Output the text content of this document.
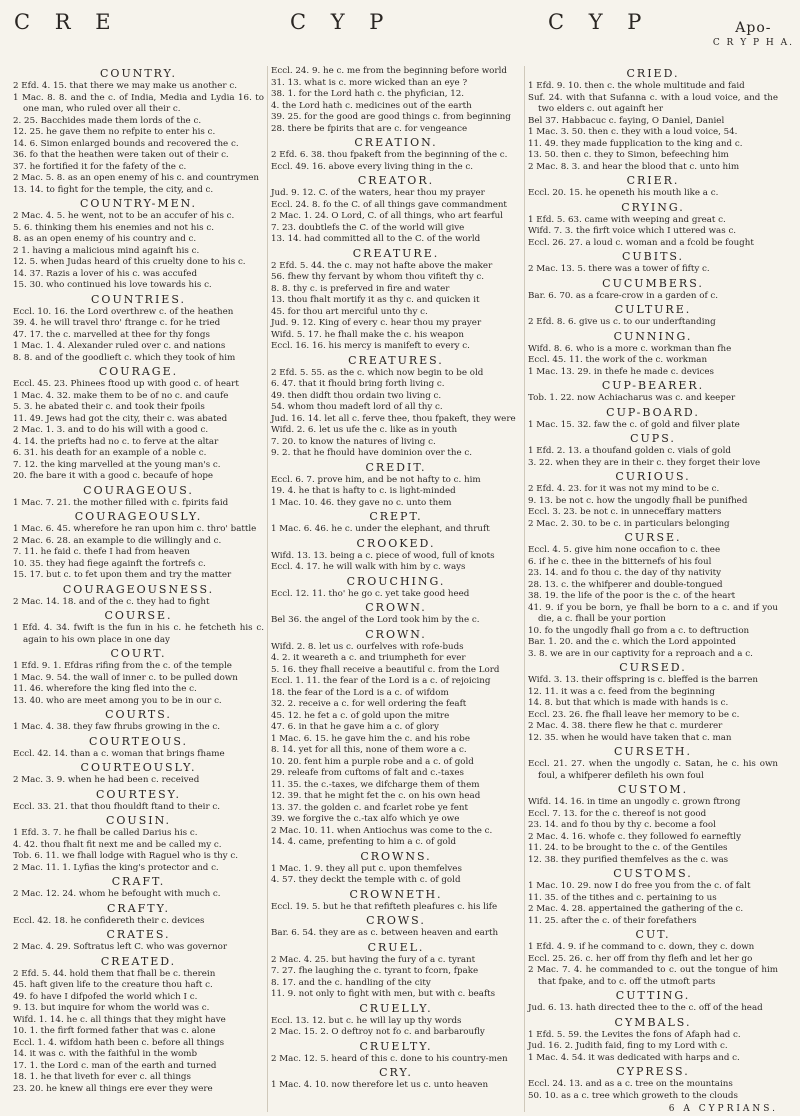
C R E	C Y P	C Y P	Apo-
C R Y P H A.
COUNTRY.
2 Efd. 4. 15. that there we may make us another c.
1 Mac. 8. 8. and the c. of India, Media and Lydia 16. to one man, who ruled over all their c.
2. 25. Bacchides made them lords of the c.
12. 25. he gave them no refpite to enter his c.
14. 6. Simon enlarged bounds and recovered the c.
36. fo that the heathen were taken out of their c.
37. he fortified it for the fafety of the c.
2 Mac. 5. 8. as an open enemy of his c. and countrymen
13. 14. to fight for the temple, the city, and c.
COUNTRY-MEN.
2 Mac. 4. 5. he went, not to be an accufer of his c.
5. 6. thinking them his enemies and not his c.
8. as an open enemy of his country and c.
2 1. having a malicious mind againft his c.
12. 5. when Judas heard of this cruelty done to his c.
14. 37. Razis a lover of his c. was accufed
15. 30. who continued his love towards his c.
COUNTRIES.
Eccl. 10. 16. the Lord overthrew c. of the heathen
39. 4. he will travel thro' ftrange c. for he tried
47. 17. the c. marvelled at thee for thy fongs
1 Mac. 1. 4. Alexander ruled over c. and nations
8. 8. and of the goodlieft c. which they took of him
COURAGE.
Eccl. 45. 23. Phinees ftood up with good c. of heart
1 Mac. 4. 32. make them to be of no c. and caufe
5. 3. he abated their c. and took their fpoils
11. 49. Jews had got the city, their c. was abated
2 Mac. 1. 3. and to do his will with a good c.
4. 14. the priefts had no c. to ferve at the altar
6. 31. his death for an example of a noble c.
7. 12. the king marvelled at the young man's c.
20. fhe bare it with a good c. becaufe of hope
COURAGEOUS.
1 Mac. 7. 21. the mother filled with c. fpirits faid
COURAGEOUSLY.
1 Mac. 6. 45. wherefore he ran upon him c. thro' battle
2 Mac. 6. 28. an example to die willingly and c.
7. 11. he faid c. thefe I had from heaven
10. 35. they had fiege againft the fortrefs c.
15. 17. but c. to fet upon them and try the matter
COURAGEOUSNESS.
2 Mac. 14. 18. and of the c. they had to fight
COURSE.
1 Efd. 4. 34. fwift is the fun in his c. he fetcheth his c. again to his own place in one day
COURT.
1 Efd. 9. 1. Efdras rifing from the c. of the temple
1 Mac. 9. 54. the wall of inner c. to be pulled down
11. 46. wherefore the king fled into the c.
13. 40. who are meet among you to be in our c.
COURTS.
1 Mac. 4. 38. they faw fhrubs growing in the c.
COURTEOUS.
Eccl. 42. 14. than a c. woman that brings fhame
COURTEOUSLY.
2 Mac. 3. 9. when he had been c. received
COURTESY.
Eccl. 33. 21. that thou fhouldft ftand to their c.
COUSIN.
1 Efd. 3. 7. he fhall be called Darius his c.
4. 42. thou fhalt fit next me and be called my c.
Tob. 6. 11. we fhall lodge with Raguel who is thy c.
2 Mac. 11. 1. Lyfias the king's protector and c.
CRAFT.
2 Mac. 12. 24. whom he befought with much c.
CRAFTY.
Eccl. 42. 18. he confidereth their c. devices
CRATES.
2 Mac. 4. 29. Softratus left C. who was governor
CREATED.
2 Efd. 5. 44. hold them that fhall be c. therein
45. haft given life to the creature thou haft c.
49. fo have I difpofed the world which I c.
9. 13. but inquire for whom the world was c.
Wifd. 1. 14. he c. all things that they might have
10. 1. the firft formed father that was c. alone
Eccl. 1. 4. wifdom hath been c. before all things
14. it was c. with the faithful in the womb
17. 1. the Lord c. man of the earth and turned
18. 1. he that liveth for ever c. all things
23. 20. he knew all things ere ever they were
Eccl. 24. 9. he c. me from the beginning before world
31. 13. what is c. more wicked than an eye ?
38. 1. for the Lord hath c. the phyfician, 12.
4. the Lord hath c. medicines out of the earth
39. 25. for the good are good things c. from beginning
28. there be fpirits that are c. for vengeance
CREATION.
2 Efd. 6. 38. thou fpakeft from the beginning of the c.
Eccl. 49. 16. above every living thing in the c.
CREATOR.
Jud. 9. 12. C. of the waters, hear thou my prayer
Eccl. 24. 8. fo the C. of all things gave commandment
2 Mac. 1. 24. O Lord, C. of all things, who art fearful
7. 23. doubtlefs the C. of the world will give
13. 14. had committed all to the C. of the world
CREATURE.
2 Efd. 5. 44. the c. may not hafte above the maker
56. fhew thy fervant by whom thou vifiteft thy c.
8. 8. thy c. is preferved in fire and water
13. thou fhalt mortify it as thy c. and quicken it
45. for thou art merciful unto thy c.
Jud. 9. 12. King of every c. hear thou my prayer
Wifd. 5. 17. he fhall make the c. his weapon
Eccl. 16. 16. his mercy is manifeft to every c.
CREATURES.
2 Efd. 5. 55. as the c. which now begin to be old
6. 47. that it fhould bring forth living c.
49. then didft thou ordain two living c.
54. whom thou madeft lord of all thy c.
Jud. 16. 14. let all c. ferve thee, thou fpakeft, they were
Wifd. 2. 6. let us ufe the c. like as in youth
7. 20. to know the natures of living c.
9. 2. that he fhould have dominion over the c.
CREDIT.
Eccl. 6. 7. prove him, and be not hafty to c. him
19. 4. he that is hafty to c. is light-minded
1 Mac. 10. 46. they gave no c. unto them
CREPT.
1 Mac. 6. 46. he c. under the elephant, and thruft
CROOKED.
Wifd. 13. 13. being a c. piece of wood, full of knots
Eccl. 4. 17. he will walk with him by c. ways
CROUCHING.
Eccl. 12. 11. tho' he go c. yet take good heed
CROWN.
Bel 36. the angel of the Lord took him by the c.
CROWN.
Wifd. 2. 8. let us c. ourfelves with rofe-buds
4. 2. it weareth a c. and triumpheth for ever
5. 16. they fhall receive a beautiful c. from the Lord
Eccl. 1. 11. the fear of the Lord is a c. of rejoicing
18. the fear of the Lord is a c. of wifdom
32. 2. receive a c. for well ordering the feaft
45. 12. he fet a c. of gold upon the mitre
47. 6. in that he gave him a c. of glory
1 Mac. 6. 15. he gave him the c. and his robe
8. 14. yet for all this, none of them wore a c.
10. 20. fent him a purple robe and a c. of gold
29. releafe from cuftoms of falt and c.-taxes
11. 35. the c.-taxes, we difcharge them of them
12. 39. that he might fet the c. on his own head
13. 37. the golden c. and fcarlet robe ye fent
39. we forgive the c.-tax alfo which ye owe
2 Mac. 10. 11. when Antiochus was come to the c.
14. 4. came, prefenting to him a c. of gold
CROWNS.
1 Mac. 1. 9. they all put c. upon themfelves
4. 57. they deckt the temple with c. of gold
CROWNETH.
Eccl. 19. 5. but he that refifteth pleafures c. his life
CROWS.
Bar. 6. 54. they are as c. between heaven and earth
CRUEL.
2 Mac. 4. 25. but having the fury of a c. tyrant
7. 27. fhe laughing the c. tyrant to fcorn, fpake
8. 17. and the c. handling of the city
11. 9. not only to fight with men, but with c. beafts
CRUELLY.
Eccl. 13. 12. but c. he will lay up thy words
2 Mac. 15. 2. O deftroy not fo c. and barbaroufly
CRUELTY.
2 Mac. 12. 5. heard of this c. done to his country-men
CRY.
1 Mac. 4. 10. now therefore let us c. unto heaven
CRIED.
1 Efd. 9. 10. then c. the whole multitude and faid
Suf. 24. with that Sufanna c. with a loud voice, and the two elders c. out againft her
Bel 37. Habbacuc c. faying, O Daniel, Daniel
1 Mac. 3. 50. then c. they with a loud voice, 54.
11. 49. they made fupplication to the king and c.
13. 50. then c. they to Simon, befeeching him
2 Mac. 8. 3. and hear the blood that c. unto him
CRIER.
Eccl. 20. 15. he openeth his mouth like a c.
CRYING.
1 Efd. 5. 63. came with weeping and great c.
Wifd. 7. 3. the firft voice which I uttered was c.
Eccl. 26. 27. a loud c. woman and a fcold be fought
CUBITS.
2 Mac. 13. 5. there was a tower of fifty c.
CUCUMBERS.
Bar. 6. 70. as a fcare-crow in a garden of c.
CULTURE.
2 Efd. 8. 6. give us c. to our underftanding
CUNNING.
Wifd. 8. 6. who is a more c. workman than fhe
Eccl. 45. 11. the work of the c. workman
1 Mac. 13. 29. in thefe he made c. devices
CUP-BEARER.
Tob. 1. 22. now Achiacharus was c. and keeper
CUP-BOARD.
1 Mac. 15. 32. faw the c. of gold and filver plate
CUPS.
1 Efd. 2. 13. a thoufand golden c. vials of gold
3. 22. when they are in their c. they forget their love
CURIOUS.
2 Efd. 4. 23. for it was not my mind to be c.
9. 13. be not c. how the ungodly fhall be punifhed
Eccl. 3. 23. be not c. in unneceffary matters
2 Mac. 2. 30. to be c. in particulars belonging
CURSE.
Eccl. 4. 5. give him none occafion to c. thee
6. if he c. thee in the bitternefs of his foul
23. 14. and fo thou c. the day of thy nativity
28. 13. c. the whifperer and double-tongued
38. 19. the life of the poor is the c. of the heart
41. 9. if you be born, ye fhall be born to a c. and if you die, a c. fhall be your portion
10. fo the ungodly fhall go from a c. to deftruction
Bar. 1. 20. and the c. which the Lord appointed
3. 8. we are in our captivity for a reproach and a c.
CURSED.
Wifd. 3. 13. their offspring is c. bleffed is the barren
12. 11. it was a c. feed from the beginning
14. 8. but that which is made with hands is c.
Eccl. 23. 26. fhe fhall leave her memory to be c.
2 Mac. 4. 38. there flew he that c. murderer
12. 35. when he would have taken that c. man
CURSETH.
Eccl. 21. 27. when the ungodly c. Satan, he c. his own foul, a whifperer defileth his own foul
CUSTOM.
Wifd. 14. 16. in time an ungodly c. grown ftrong
Eccl. 7. 13. for the c. thereof is not good
23. 14. and fo thou by thy c. become a fool
2 Mac. 4. 16. whofe c. they followed fo earneftly
11. 24. to be brought to the c. of the Gentiles
12. 38. they purified themfelves as the c. was
CUSTOMS.
1 Mac. 10. 29. now I do free you from the c. of falt
11. 35. of the tithes and c. pertaining to us
2 Mac. 4. 28. appertained the gathering of the c.
11. 25. after the c. of their forefathers
CUT.
1 Efd. 4. 9. if he command to c. down, they c. down
Eccl. 25. 26. c. her off from thy flefh and let her go
2 Mac. 7. 4. he commanded to c. out the tongue of him that fpake, and to c. off the utmoft parts
CUTTING.
Jud. 6. 13. hath directed thee to the c. off of the head
CYMBALS.
1 Efd. 5. 59. the Levites the fons of Afaph had c.
Jud. 16. 2. Judith faid, fing to my Lord with c.
1 Mac. 4. 54. it was dedicated with harps and c.
CYPRESS.
Eccl. 24. 13. and as a c. tree on the mountains
50. 10. as a c. tree which groweth to the clouds
6 A CYPRIANS.
